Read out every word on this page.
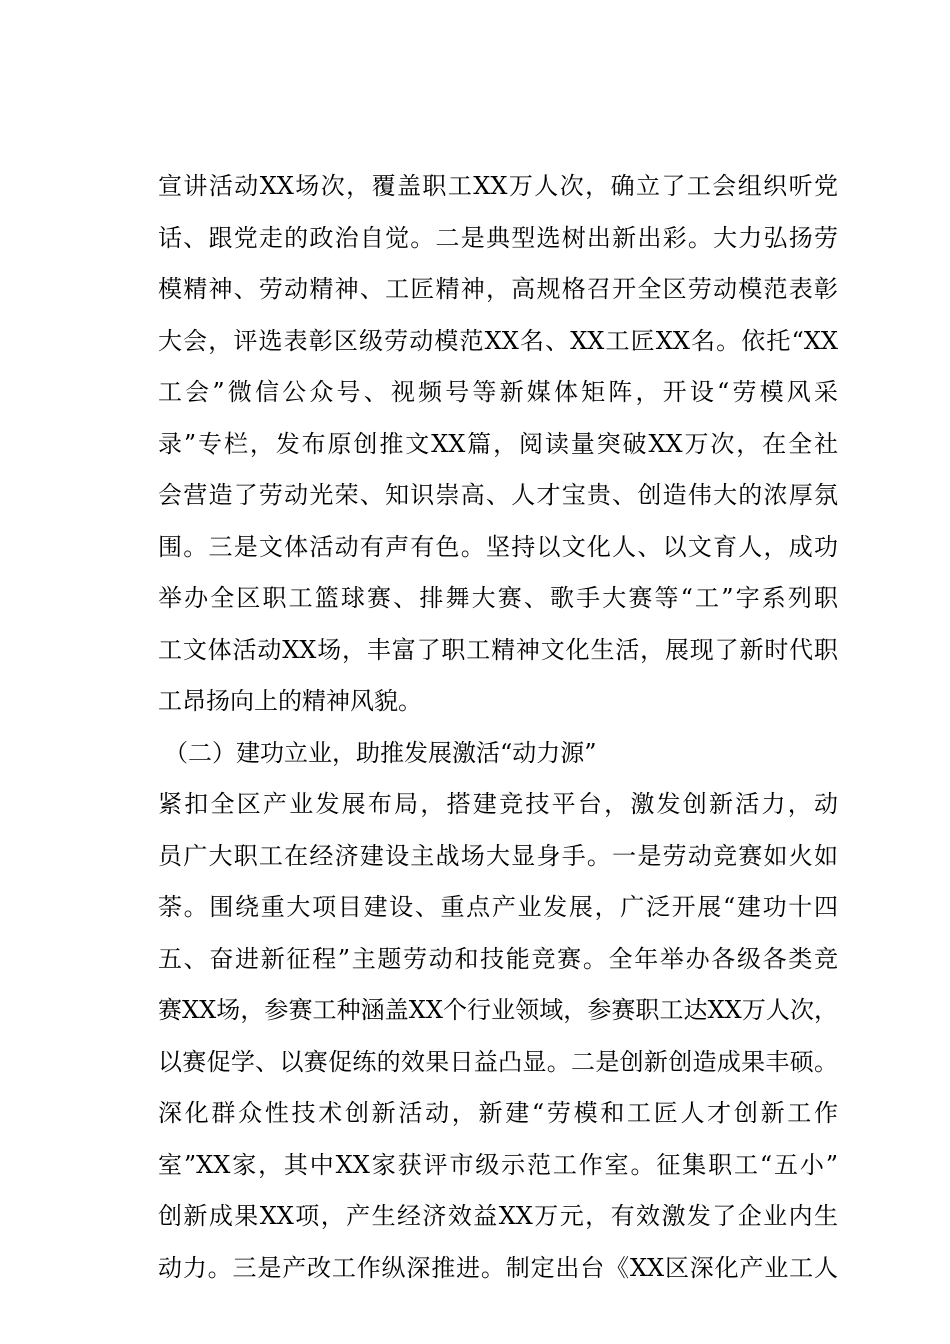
宣讲活动XX场次，覆盖职工XX万人次，确立了工会组织听党
话、跟党走的政治自觉。二是典型选树出新出彩。大力弘扬劳
模精神、劳动精神、工匠精神，高规格召开全区劳动模范表彰
大会，评选表彰区级劳动模范XX名、XX工匠XX名。依托“XX
工会”微信公众号、视频号等新媒体矩阵，开设“劳模风采
录”专栏，发布原创推文XX篇，阅读量突破XX万次，在全社
会营造了劳动光荣、知识崇高、人才宝贵、创造伟大的浓厚氛
围。三是文体活动有声有色。坚持以文化人、以文育人，成功
举办全区职工篮球赛、排舞大赛、歌手大赛等“工”字系列职
工文体活动XX场，丰富了职工精神文化生活，展现了新时代职
工昂扬向上的精神风貌。
（二）建功立业，助推发展激活“动力源”
紧扣全区产业发展布局，搭建竞技平台，激发创新活力，动
员广大职工在经济建设主战场大显身手。一是劳动竞赛如火如
荼。围绕重大项目建设、重点产业发展，广泛开展“建功十四
五、奋进新征程”主题劳动和技能竞赛。全年举办各级各类竞
赛XX场，参赛工种涵盖XX个行业领域，参赛职工达XX万人次，
以赛促学、以赛促练的效果日益凸显。二是创新创造成果丰硕。
深化群众性技术创新活动，新建“劳模和工匠人才创新工作
室”XX家，其中XX家获评市级示范工作室。征集职工“五小”
创新成果XX项，产生经济效益XX万元，有效激发了企业内生
动力。三是产改工作纵深推进。制定出台《XX区深化产业工人
